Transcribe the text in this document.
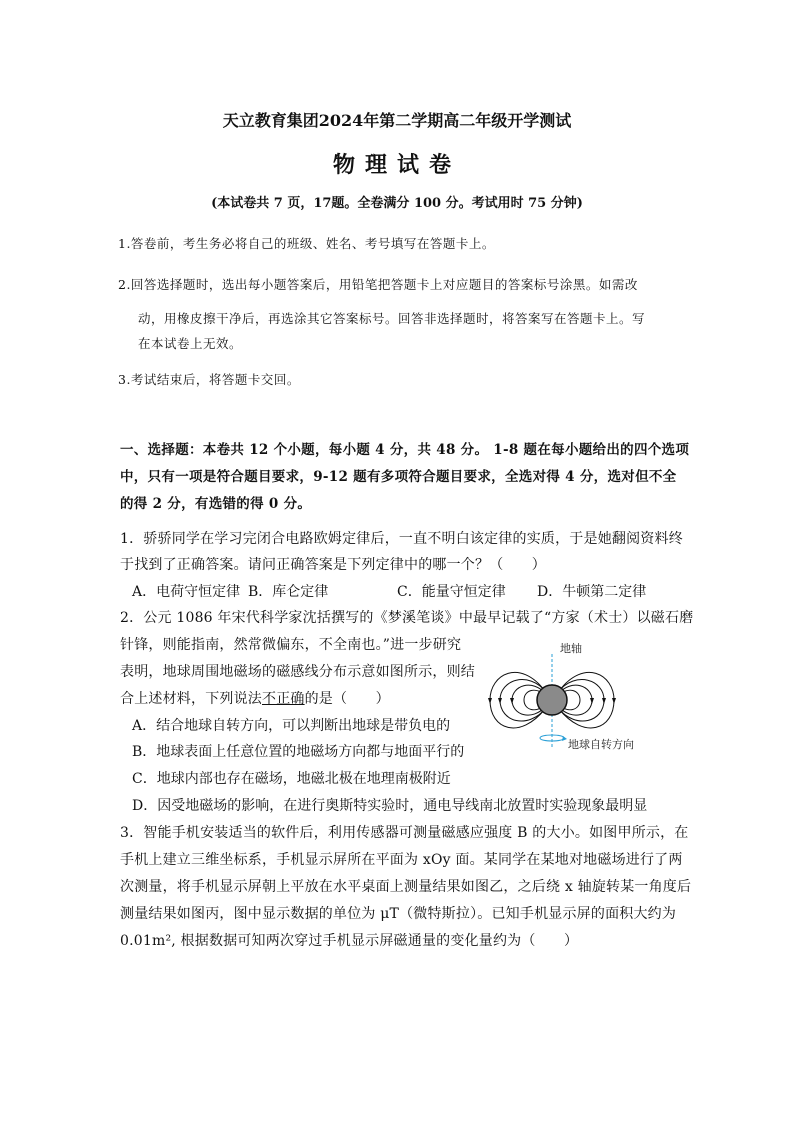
天立教育集团2024年第二学期高二年级开学测试
物理试卷
(本试卷共 7 页，17题。全卷满分 100 分。考试用时 75 分钟)
1.答卷前，考生务必将自己的班级、姓名、考号填写在答题卡上。
2.回答选择题时，选出每小题答案后，用铅笔把答题卡上对应题目的答案标号涂黑。如需改
动，用橡皮擦干净后，再选涂其它答案标号。回答非选择题时，将答案写在答题卡上。写
在本试卷上无效。
3.考试结束后，将答题卡交回。
一、选择题：本卷共 12 个小题，每小题 4 分，共 48 分。 1-8 题在每小题给出的四个选项
中，只有一项是符合题目要求，9-12 题有多项符合题目要求，全选对得 4 分，选对但不全
的得 2 分，有选错的得 0 分。
1．骄骄同学在学习完闭合电路欧姆定律后，一直不明白该定律的实质，于是她翻阅资料终
于找到了正确答案。请问正确答案是下列定律中的哪一个？（　　）
A．电荷守恒定律 B．库仑定律	C．能量守恒定律 D．牛顿第二定律
2．公元 1086 年宋代科学家沈括撰写的《梦溪笔谈》中最早记载了“方家（术士）以磁石磨
针锋，则能指南，然常微偏东，不全南也。”进一步研究
表明，地球周围地磁场的磁感线分布示意如图所示，则结
合上述材料，下列说法不正确的是（　　）
A．结合地球自转方向，可以判断出地球是带负电的
B．地球表面上任意位置的地磁场方向都与地面平行的
C．地球内部也存在磁场，地磁北极在地理南极附近
D．因受地磁场的影响，在进行奥斯特实验时，通电导线南北放置时实验现象最明显
地轴
地球自转方向
3．智能手机安装适当的软件后，利用传感器可测量磁感应强度 B 的大小。如图甲所示，在
手机上建立三维坐标系，手机显示屏所在平面为 xOy 面。某同学在某地对地磁场进行了两
次测量，将手机显示屏朝上平放在水平桌面上测量结果如图乙，之后绕 x 轴旋转某一角度后
测量结果如图丙，图中显示数据的单位为 μT（微特斯拉）。已知手机显示屏的面积大约为
0.01m², 根据数据可知两次穿过手机显示屏磁通量的变化量约为（　　）
